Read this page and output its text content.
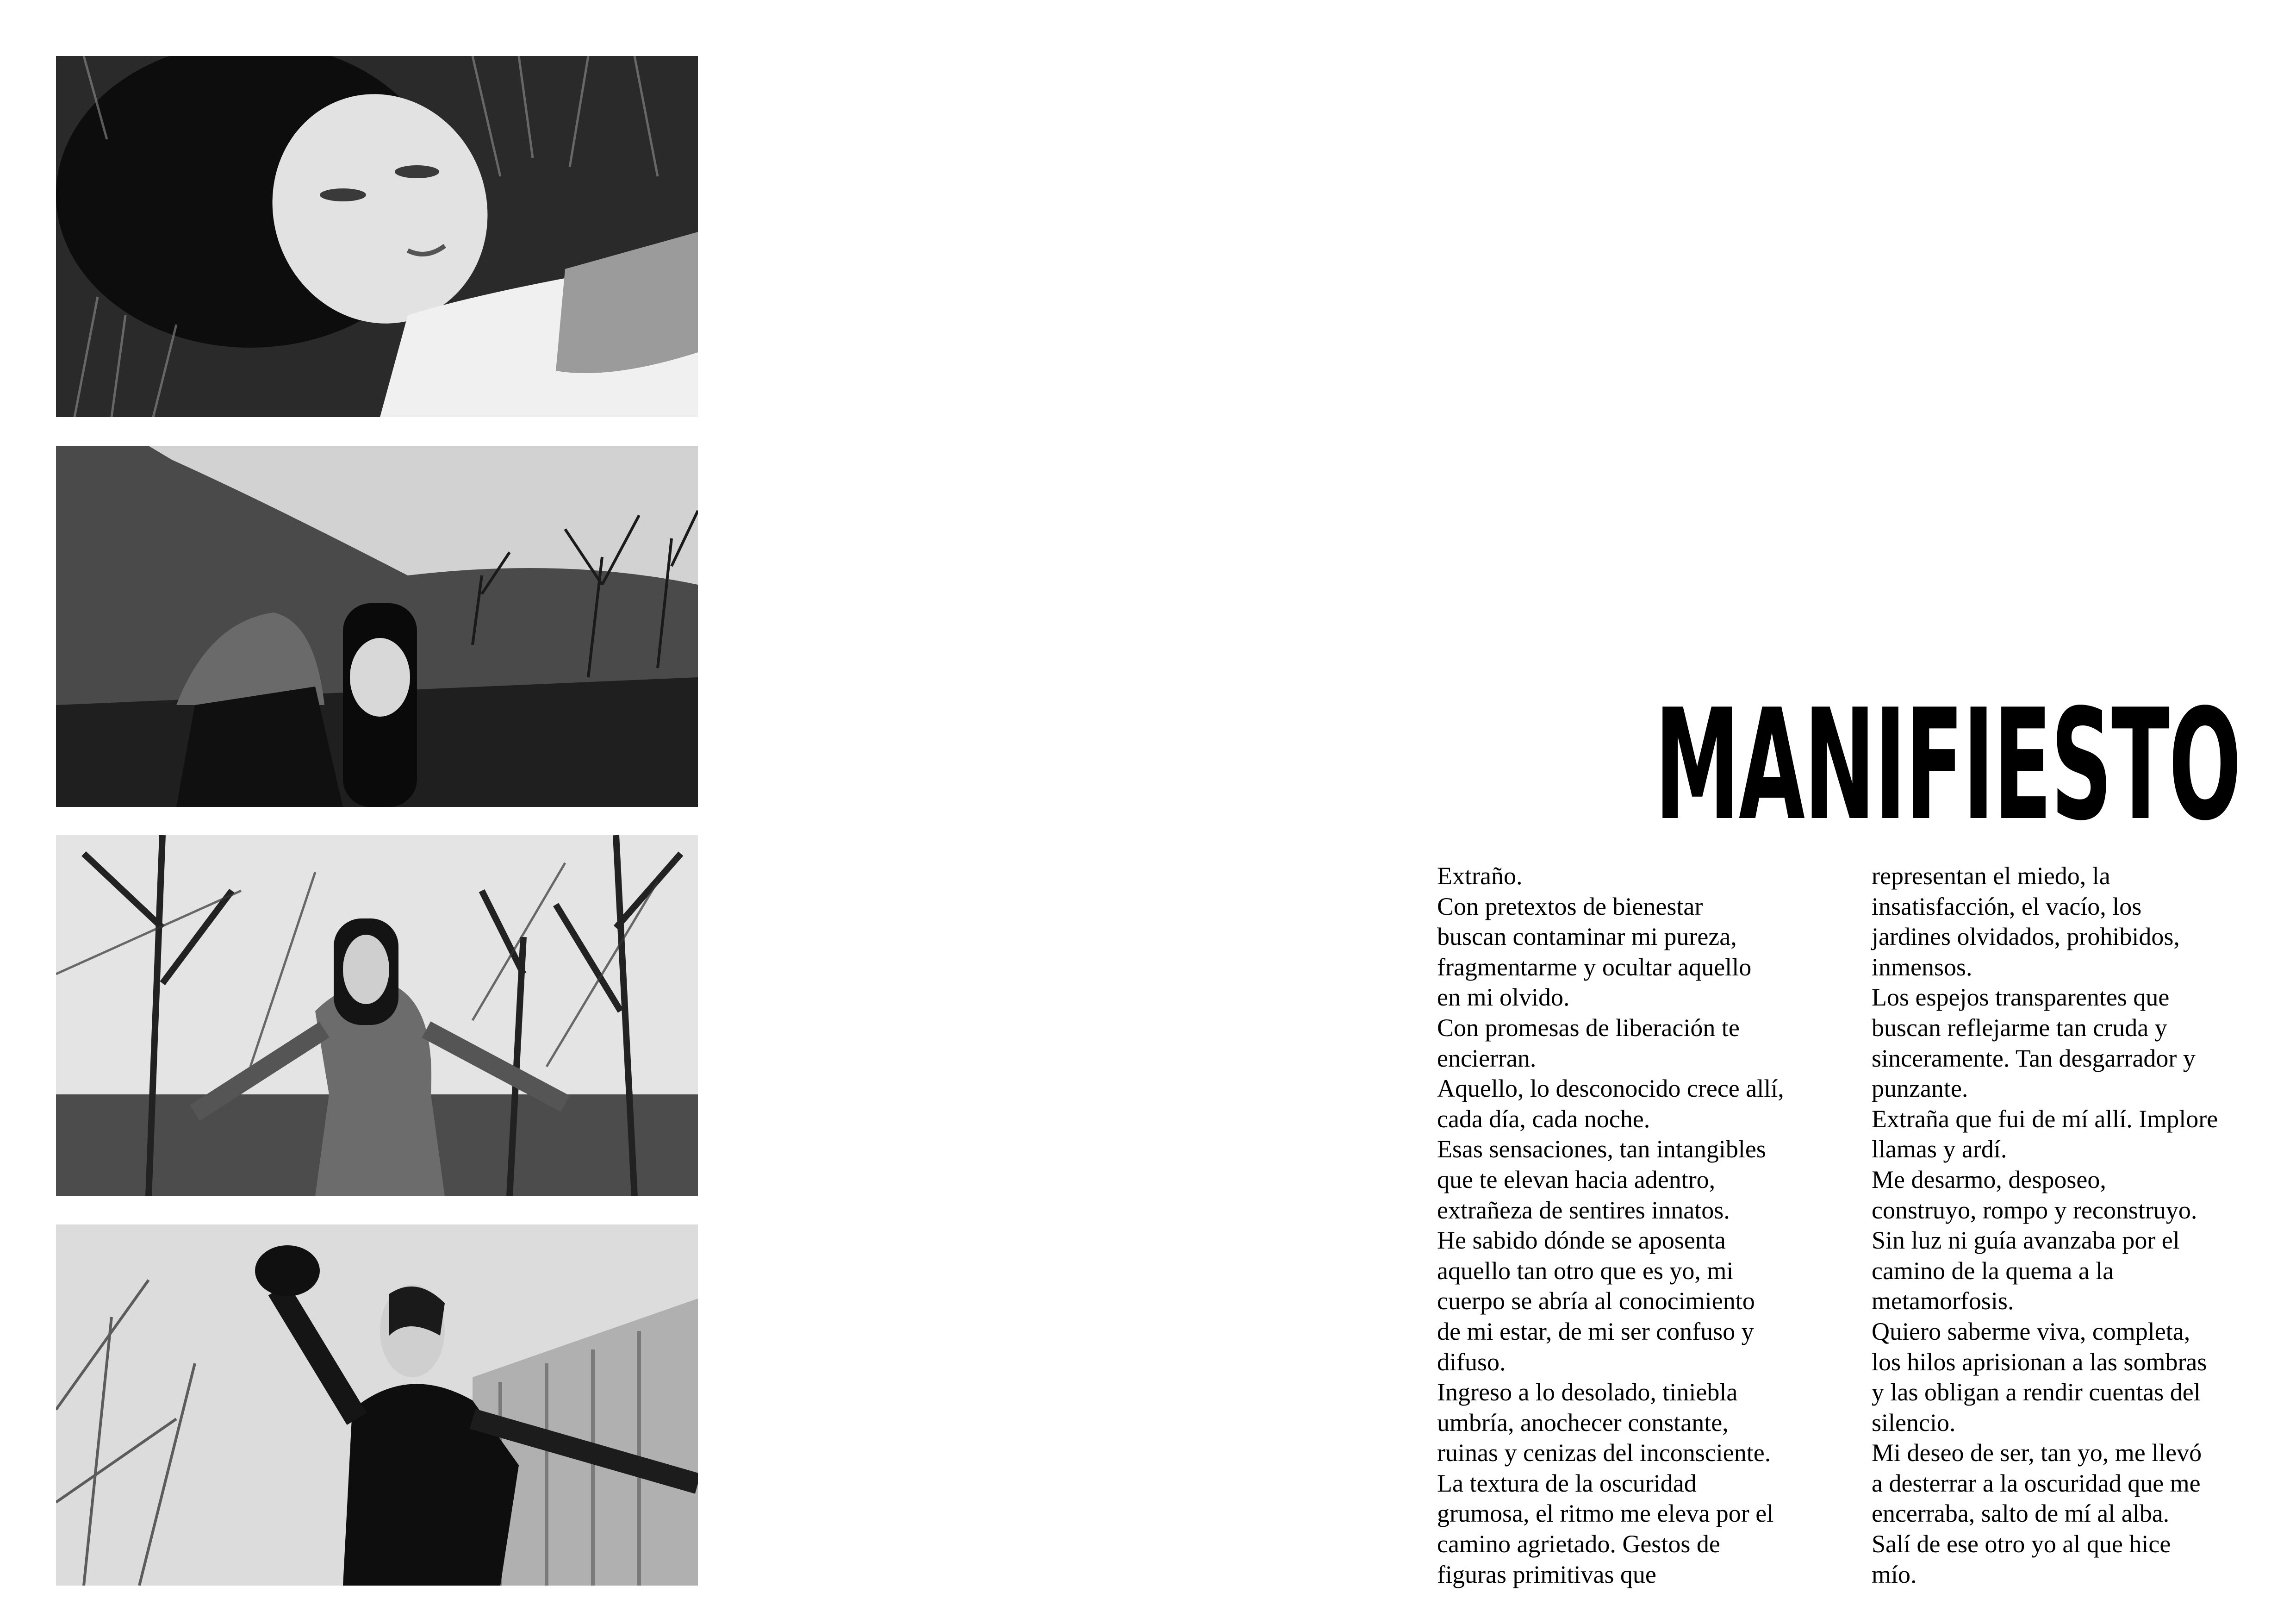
MANIFIESTO
Extraño.
Con pretextos de bienestar
buscan contaminar mi pureza,
fragmentarme y ocultar aquello
en mi olvido.
Con promesas de liberación te
encierran.
Aquello, lo desconocido crece allí,
cada día, cada noche.
Esas sensaciones, tan intangibles
que te elevan hacia adentro,
extrañeza de sentires innatos.
He sabido dónde se aposenta
aquello tan otro que es yo, mi
cuerpo se abría al conocimiento
de mi estar, de mi ser confuso y
difuso.
Ingreso a lo desolado, tiniebla
umbría, anochecer constante,
ruinas y cenizas del inconsciente.
La textura de la oscuridad
grumosa, el ritmo me eleva por el
camino agrietado. Gestos de
figuras primitivas que
representan el miedo, la
insatisfacción, el vacío, los
jardines olvidados, prohibidos,
inmensos.
Los espejos transparentes que
buscan reflejarme tan cruda y
sinceramente. Tan desgarrador y
punzante.
Extraña que fui de mí allí. Implore
llamas y ardí.
Me desarmo, desposeo,
construyo, rompo y reconstruyo.
Sin luz ni guía avanzaba por el
camino de la quema a la
metamorfosis.
Quiero saberme viva, completa,
los hilos aprisionan a las sombras
y las obligan a rendir cuentas del
silencio.
Mi deseo de ser, tan yo, me llevó
a desterrar a la oscuridad que me
encerraba, salto de mí al alba.
Salí de ese otro yo al que hice
mío.
